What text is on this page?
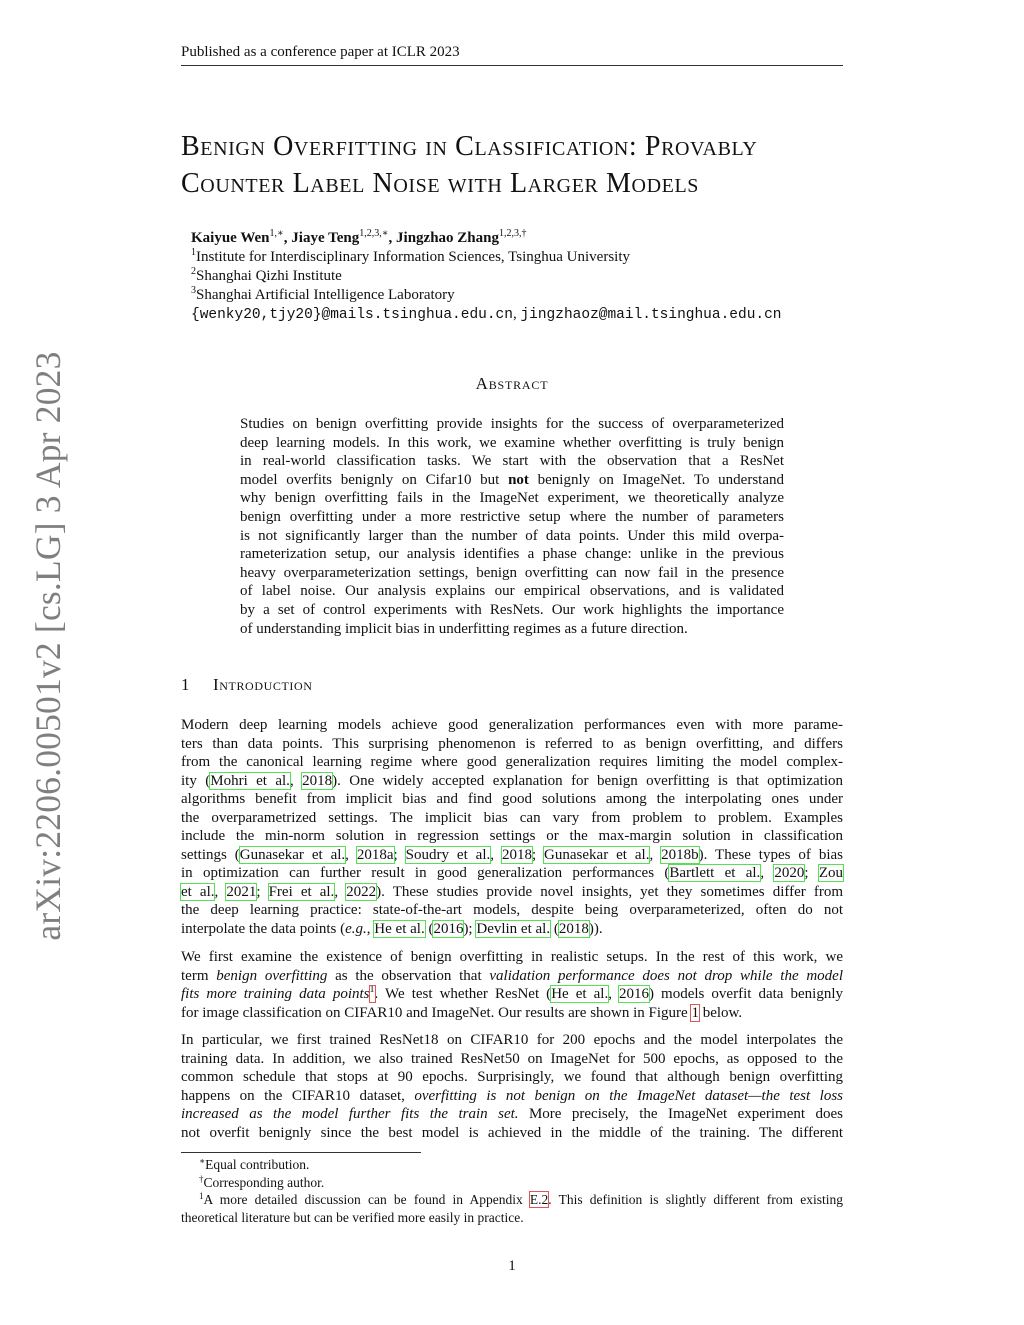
Published as a conference paper at ICLR 2023
arXiv:2206.00501v2 [cs.LG] 3 Apr 2023
Benign Overfitting in Classification: Provably
Counter Label Noise with Larger Models
Kaiyue Wen$^{1,∗}$, Jiaye Teng$^{1,2,3,∗}$, Jingzhao Zhang$^{1,2,3,\dagger}$
$^1$Institute for Interdisciplinary Information Sciences, Tsinghua University
$^2$Shanghai Qizhi Institute
$^3$Shanghai Artificial Intelligence Laboratory
{wenky20,tjy20}@mails.tsinghua.edu.cn, jingzhaoz@mail.tsinghua.edu.cn
Abstract
Studies on benign overfitting provide insights for the success of overparameterized
deep learning models. In this work, we examine whether overfitting is truly benign
in real-world classification tasks. We start with the observation that a ResNet
model overfits benignly on Cifar10 but not benignly on ImageNet. To understand
why benign overfitting fails in the ImageNet experiment, we theoretically analyze
benign overfitting under a more restrictive setup where the number of parameters
is not significantly larger than the number of data points. Under this mild overpa-
rameterization setup, our analysis identifies a phase change: unlike in the previous
heavy overparameterization settings, benign overfitting can now fail in the presence
of label noise. Our analysis explains our empirical observations, and is validated
by a set of control experiments with ResNets. Our work highlights the importance
of understanding implicit bias in underfitting regimes as a future direction.
1 Introduction
Modern deep learning models achieve good generalization performances even with more parame-
ters than data points. This surprising phenomenon is referred to as benign overfitting, and differs
from the canonical learning regime where good generalization requires limiting the model complex-
ity (Mohri et al., 2018). One widely accepted explanation for benign overfitting is that optimization
algorithms benefit from implicit bias and find good solutions among the interpolating ones under
the overparametrized settings. The implicit bias can vary from problem to problem. Examples
include the min-norm solution in regression settings or the max-margin solution in classification
settings (Gunasekar et al., 2018a; Soudry et al., 2018; Gunasekar et al., 2018b). These types of bias
in optimization can further result in good generalization performances (Bartlett et al., 2020; Zou
et al., 2021; Frei et al., 2022). These studies provide novel insights, yet they sometimes differ from
the deep learning practice: state-of-the-art models, despite being overparameterized, often do not
interpolate the data points (e.g., He et al. (2016); Devlin et al. (2018)).
We first examine the existence of benign overfitting in realistic setups. In the rest of this work, we
term benign overfitting as the observation that validation performance does not drop while the model
fits more training data points$^1$. We test whether ResNet (He et al., 2016) models overfit data benignly
for image classification on CIFAR10 and ImageNet. Our results are shown in Figure 1 below.
In particular, we first trained ResNet18 on CIFAR10 for 200 epochs and the model interpolates the
training data. In addition, we also trained ResNet50 on ImageNet for 500 epochs, as opposed to the
common schedule that stops at 90 epochs. Surprisingly, we found that although benign overfitting
happens on the CIFAR10 dataset, overfitting is not benign on the ImageNet dataset—the test loss
increased as the model further fits the train set. More precisely, the ImageNet experiment does
not overfit benignly since the best model is achieved in the middle of the training. The different
∗Equal contribution.
†Corresponding author.
$^1$A more detailed discussion can be found in Appendix E.2. This definition is slightly different from existing
theoretical literature but can be verified more easily in practice.
1
